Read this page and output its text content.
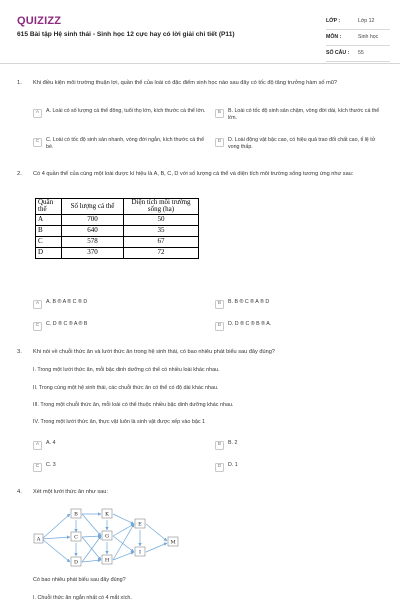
QUIZIZZ
615 Bài tập Hệ sinh thái - Sinh học 12 cực hay có lời giải chi tiết (P11)
LỚP :	Lớp 12
MÔN :	Sinh học
SỐ CÂU :	55
1. Khi điều kiện môi trường thuận lợi, quần thể của loài có đặc điểm sinh học nào sau đây có tốc độ tăng trưởng hàm số mũ?
A	A. Loài có số lượng cá thể đông, tuổi thọ lớn, kích thước cá thể lớn.	B	B. Loài có tốc độ sinh sản chậm, vòng đời dài, kích thước cá thể lớn.
C	C. Loài có tốc độ sinh sản nhanh, vòng đời ngắn, kích thước cá thể bé.
D	D. Loài động vật bậc cao, có hiệu quả trao đổi chất cao, tỉ lệ tử vong thấp.
2. Có 4 quần thể của cùng một loài được kí hiệu là A, B, C, D với số lượng cá thể và diện tích môi trường sống tương ứng như sau:
Quần thể	Số lượng cá thể	Diện tích môi trường sống (ha)
A	700	50
B	640	35
C	578	67
D	370	72
A	A. B ® A ® C ® D	B	B. B ® C ® A ® D
C	C. D ® C ® A ® B	D	D. D ® C ® B ® A.
3. Khi nói về chuỗi thức ăn và lưới thức ăn trong hệ sinh thái, có bao nhiêu phát biểu sau đây đúng?
I. Trong một lưới thức ăn, mỗi bậc dinh dưỡng có thể có nhiều loài khác nhau.
II. Trong cùng một hệ sinh thái, các chuỗi thức ăn có thể có độ dài khác nhau.
III. Trong một chuỗi thức ăn, mỗi loài có thể thuộc nhiều bậc dinh dưỡng khác nhau.
IV. Trong một lưới thức ăn, thực vật luôn là sinh vật được xếp vào bậc 1
A	A. 4	B	B. 2
C	C. 3	D	D. 1
4. Xét một lưới thức ăn như sau:
Có bao nhiêu phát biểu sau đây đúng?
I. Chuỗi thức ăn ngắn nhất có 4 mắt xích.
A
B
C
D
K
G
H
E
I
M
